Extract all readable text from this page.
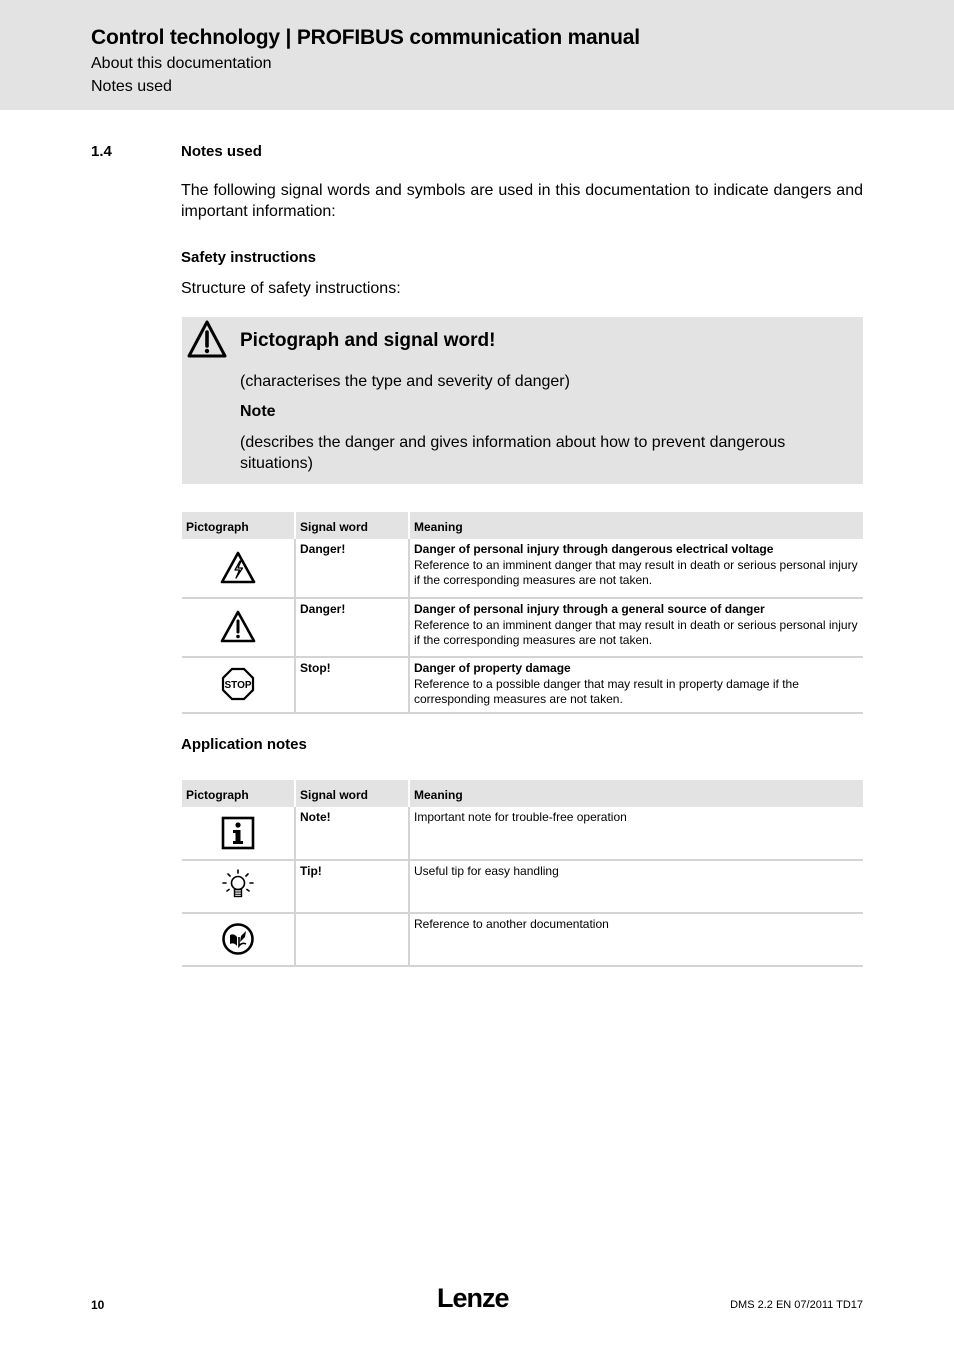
Control technology | PROFIBUS communication manual
About this documentation
Notes used
1.4	Notes used
The following signal words and symbols are used in this documentation to indicate dangers and important information:
Safety instructions
Structure of safety instructions:
Pictograph and signal word!
(characterises the type and severity of danger)
Note
(describes the danger and gives information about how to prevent dangerous situations)
Pictograph	Signal word	Meaning

	Danger!	Danger of personal injury through dangerous electrical voltage
Reference to an imminent danger that may result in death or serious personal injury if the corresponding measures are not taken.

	Danger!	Danger of personal injury through a general source of danger
Reference to an imminent danger that may result in death or serious personal injury if the corresponding measures are not taken.

STOP	Stop!	Danger of property damage
Reference to a possible danger that may result in property damage if the corresponding measures are not taken.
Application notes
Pictograph	Signal word	Meaning

	Note!	Important note for trouble-free operation

	Tip!	Useful tip for easy handling

		Reference to another documentation
10	Lenze	DMS 2.2 EN 07/2011 TD17
